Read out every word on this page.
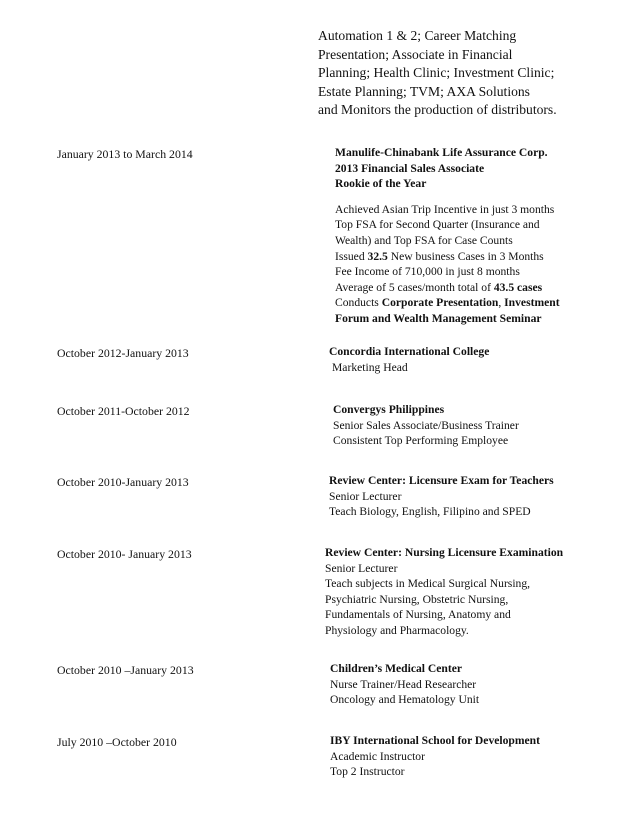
Automation 1 & 2; Career Matching
Presentation; Associate in Financial
Planning; Health Clinic; Investment Clinic;
Estate Planning; TVM; AXA Solutions
and Monitors the production of distributors.
January 2013 to March 2014	Manulife-Chinabank Life Assurance Corp.
2013 Financial Sales Associate
Rookie of the Year
Achieved Asian Trip Incentive in just 3 months
Top FSA for Second Quarter (Insurance and
Wealth) and Top FSA for Case Counts
Issued 32.5 New business Cases in 3 Months
Fee Income of 710,000 in just 8 months
Average of 5 cases/month total of 43.5 cases
Conducts Corporate Presentation, Investment
Forum and Wealth Management Seminar
October 2012-January 2013	Concordia International College
Marketing Head
October 2011-October 2012	Convergys Philippines
Senior Sales Associate/Business Trainer
Consistent Top Performing Employee
October 2010-January 2013	Review Center: Licensure Exam for Teachers
Senior Lecturer
Teach Biology, English, Filipino and SPED
October 2010- January 2013	Review Center: Nursing Licensure Examination
Senior Lecturer
Teach subjects in Medical Surgical Nursing,
Psychiatric Nursing, Obstetric Nursing,
Fundamentals of Nursing, Anatomy and
Physiology and Pharmacology.
October 2010 –January 2013	Children’s Medical Center
Nurse Trainer/Head Researcher
Oncology and Hematology Unit
July 2010 –October 2010	IBY International School for Development
Academic Instructor
Top 2 Instructor
